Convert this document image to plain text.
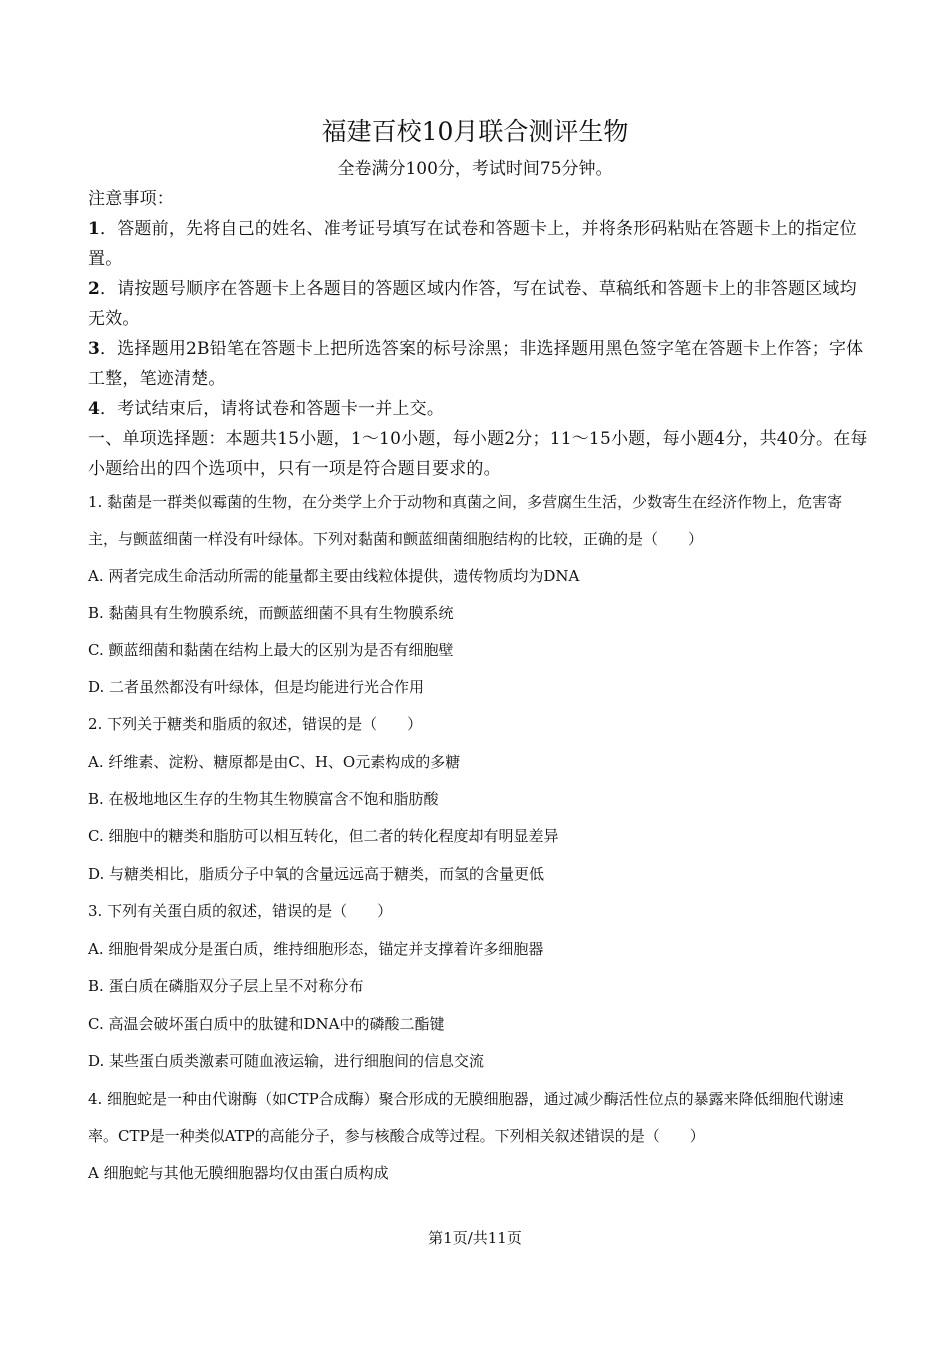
福建百校10月联合测评生物
全卷满分100分，考试时间75分钟。

注意事项：

1．答题前，先将自己的姓名、准考证号填写在试卷和答题卡上，并将条形码粘贴在答题卡上的指定位置。

2．请按题号顺序在答题卡上各题目的答题区域内作答，写在试卷、草稿纸和答题卡上的非答题区域均无效。

3．选择题用2B铅笔在答题卡上把所选答案的标号涂黑；非选择题用黑色签字笔在答题卡上作答；字体工整，笔迹清楚。

4．考试结束后，请将试卷和答题卡一并上交。

一、单项选择题：本题共15小题，1～10小题，每小题2分；11～15小题，每小题4分，共40分。在每小题给出的四个选项中，只有一项是符合题目要求的。

1. 黏菌是一群类似霉菌的生物，在分类学上介于动物和真菌之间，多营腐生生活，少数寄生在经济作物上，危害寄主，与颤蓝细菌一样没有叶绿体。下列对黏菌和颤蓝细菌细胞结构的比较，正确的是（　　）

A. 两者完成生命活动所需的能量都主要由线粒体提供，遗传物质均为DNA

B. 黏菌具有生物膜系统，而颤蓝细菌不具有生物膜系统

C. 颤蓝细菌和黏菌在结构上最大的区别为是否有细胞壁

D. 二者虽然都没有叶绿体，但是均能进行光合作用

2. 下列关于糖类和脂质的叙述，错误的是（　　）

A. 纤维素、淀粉、糖原都是由C、H、O元素构成的多糖

B. 在极地地区生存的生物其生物膜富含不饱和脂肪酸

C. 细胞中的糖类和脂肪可以相互转化，但二者的转化程度却有明显差异

D. 与糖类相比，脂质分子中氧的含量远远高于糖类，而氢的含量更低

3. 下列有关蛋白质的叙述，错误的是（　　）

A. 细胞骨架成分是蛋白质，维持细胞形态，锚定并支撑着许多细胞器

B. 蛋白质在磷脂双分子层上呈不对称分布

C. 高温会破坏蛋白质中的肽键和DNA中的磷酸二酯键

D. 某些蛋白质类激素可随血液运输，进行细胞间的信息交流

4. 细胞蛇是一种由代谢酶（如CTP合成酶）聚合形成的无膜细胞器，通过减少酶活性位点的暴露来降低细胞代谢速率。CTP是一种类似ATP的高能分子，参与核酸合成等过程。下列相关叙述错误的是（　　）

A 细胞蛇与其他无膜细胞器均仅由蛋白质构成

第1页/共11页
